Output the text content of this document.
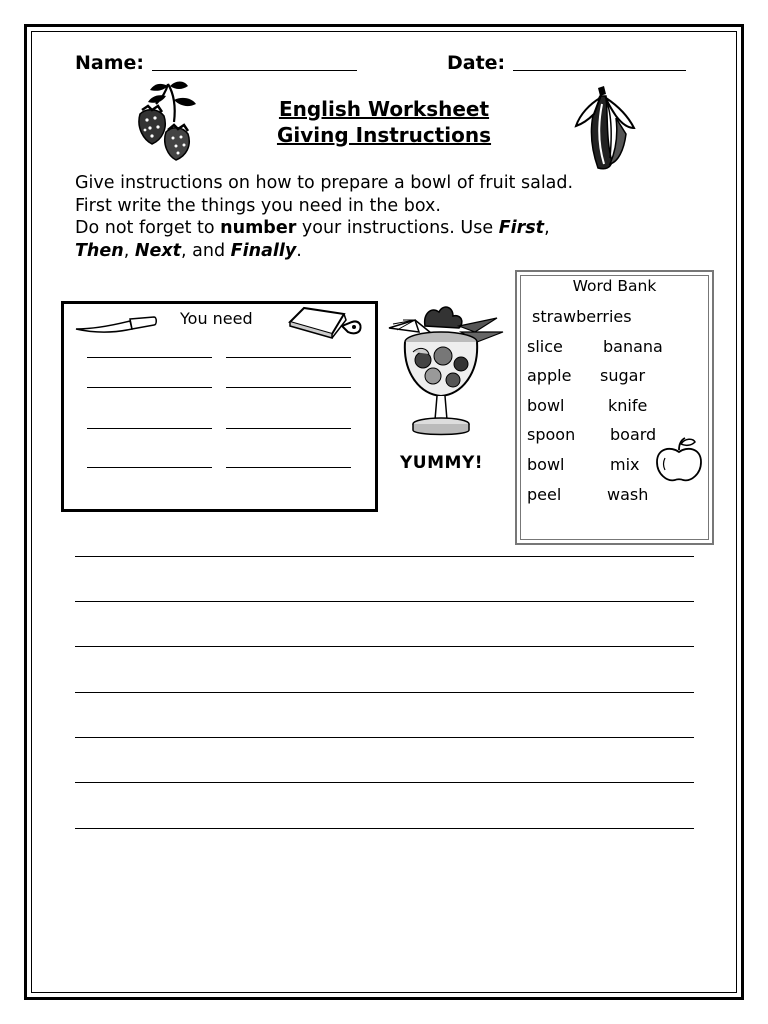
Name:	Date:
English Worksheet
Giving Instructions
Give instructions on how to prepare a bowl of fruit salad.
First write the things you need in the box.
Do not forget to number your instructions. Use First,
Then, Next, and Finally.
You need
YUMMY!
Word Bank
strawberries
slice	banana
apple sugar
bowl	knife
spoon board
bowl	mix
peel	wash
